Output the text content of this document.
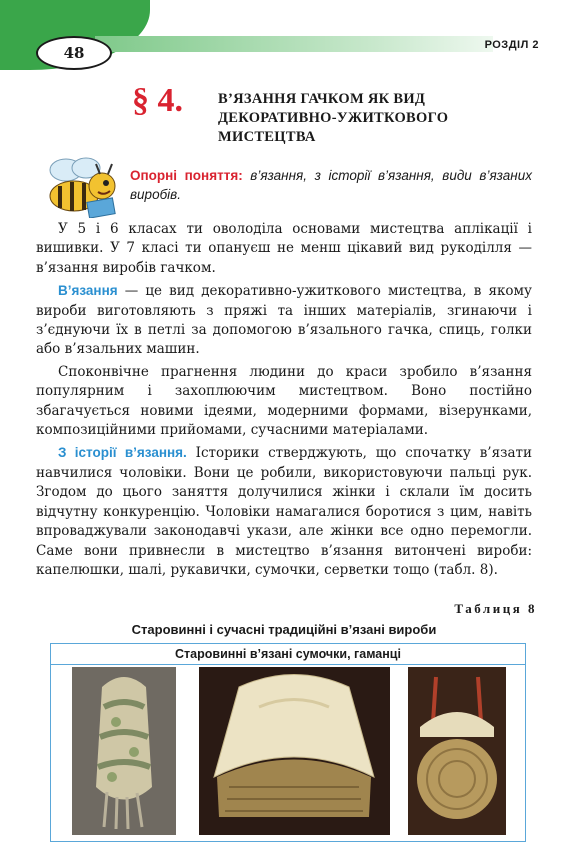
48	РОЗДІЛ 2
§ 4. В’ЯЗАННЯ ГАЧКОМ ЯК ВИД ДЕКОРАТИВНО-УЖИТКОВОГО МИСТЕЦТВА
Опорні поняття: в’язання, з історії в’язання, види в’язаних виробів.

У 5 і 6 класах ти оволоділа основами мистецтва аплікації і вишивки. У 7 класі ти опануєш не менш цікавий вид рукоділля — в’язання виробів гачком.

В’язання — це вид декоративно-ужиткового мистецтва, в якому вироби виготовляють з пряжі та інших матеріалів, згинаючи і з’єднуючи їх в петлі за допомогою в’язального гачка, спиць, голки або в’язальних машин.

Споконвічне прагнення людини до краси зробило в’язання популярним і захоплюючим мистецтвом. Воно постійно збагачується новими ідеями, модерними формами, візерунками, композиційними прийомами, сучасними матеріалами.

З історії в’язання. Історики стверджують, що спочатку в’язати навчилися чоловіки. Вони це робили, використовуючи пальці рук. Згодом до цього заняття долучилися жінки і склали їм досить відчутну конкуренцію. Чоловіки намагалися боротися з цим, навіть впроваджували законодавчі укази, але жінки все одно перемогли. Саме вони привнесли в мистецтво в’язання витончені вироби: капелюшки, шалі, рукавички, сумочки, серветки тощо (табл. 8).

Таблиця 8
Старовинні і сучасні традиційні в’язані вироби
Старовинні в’язані сумочки, гаманці
